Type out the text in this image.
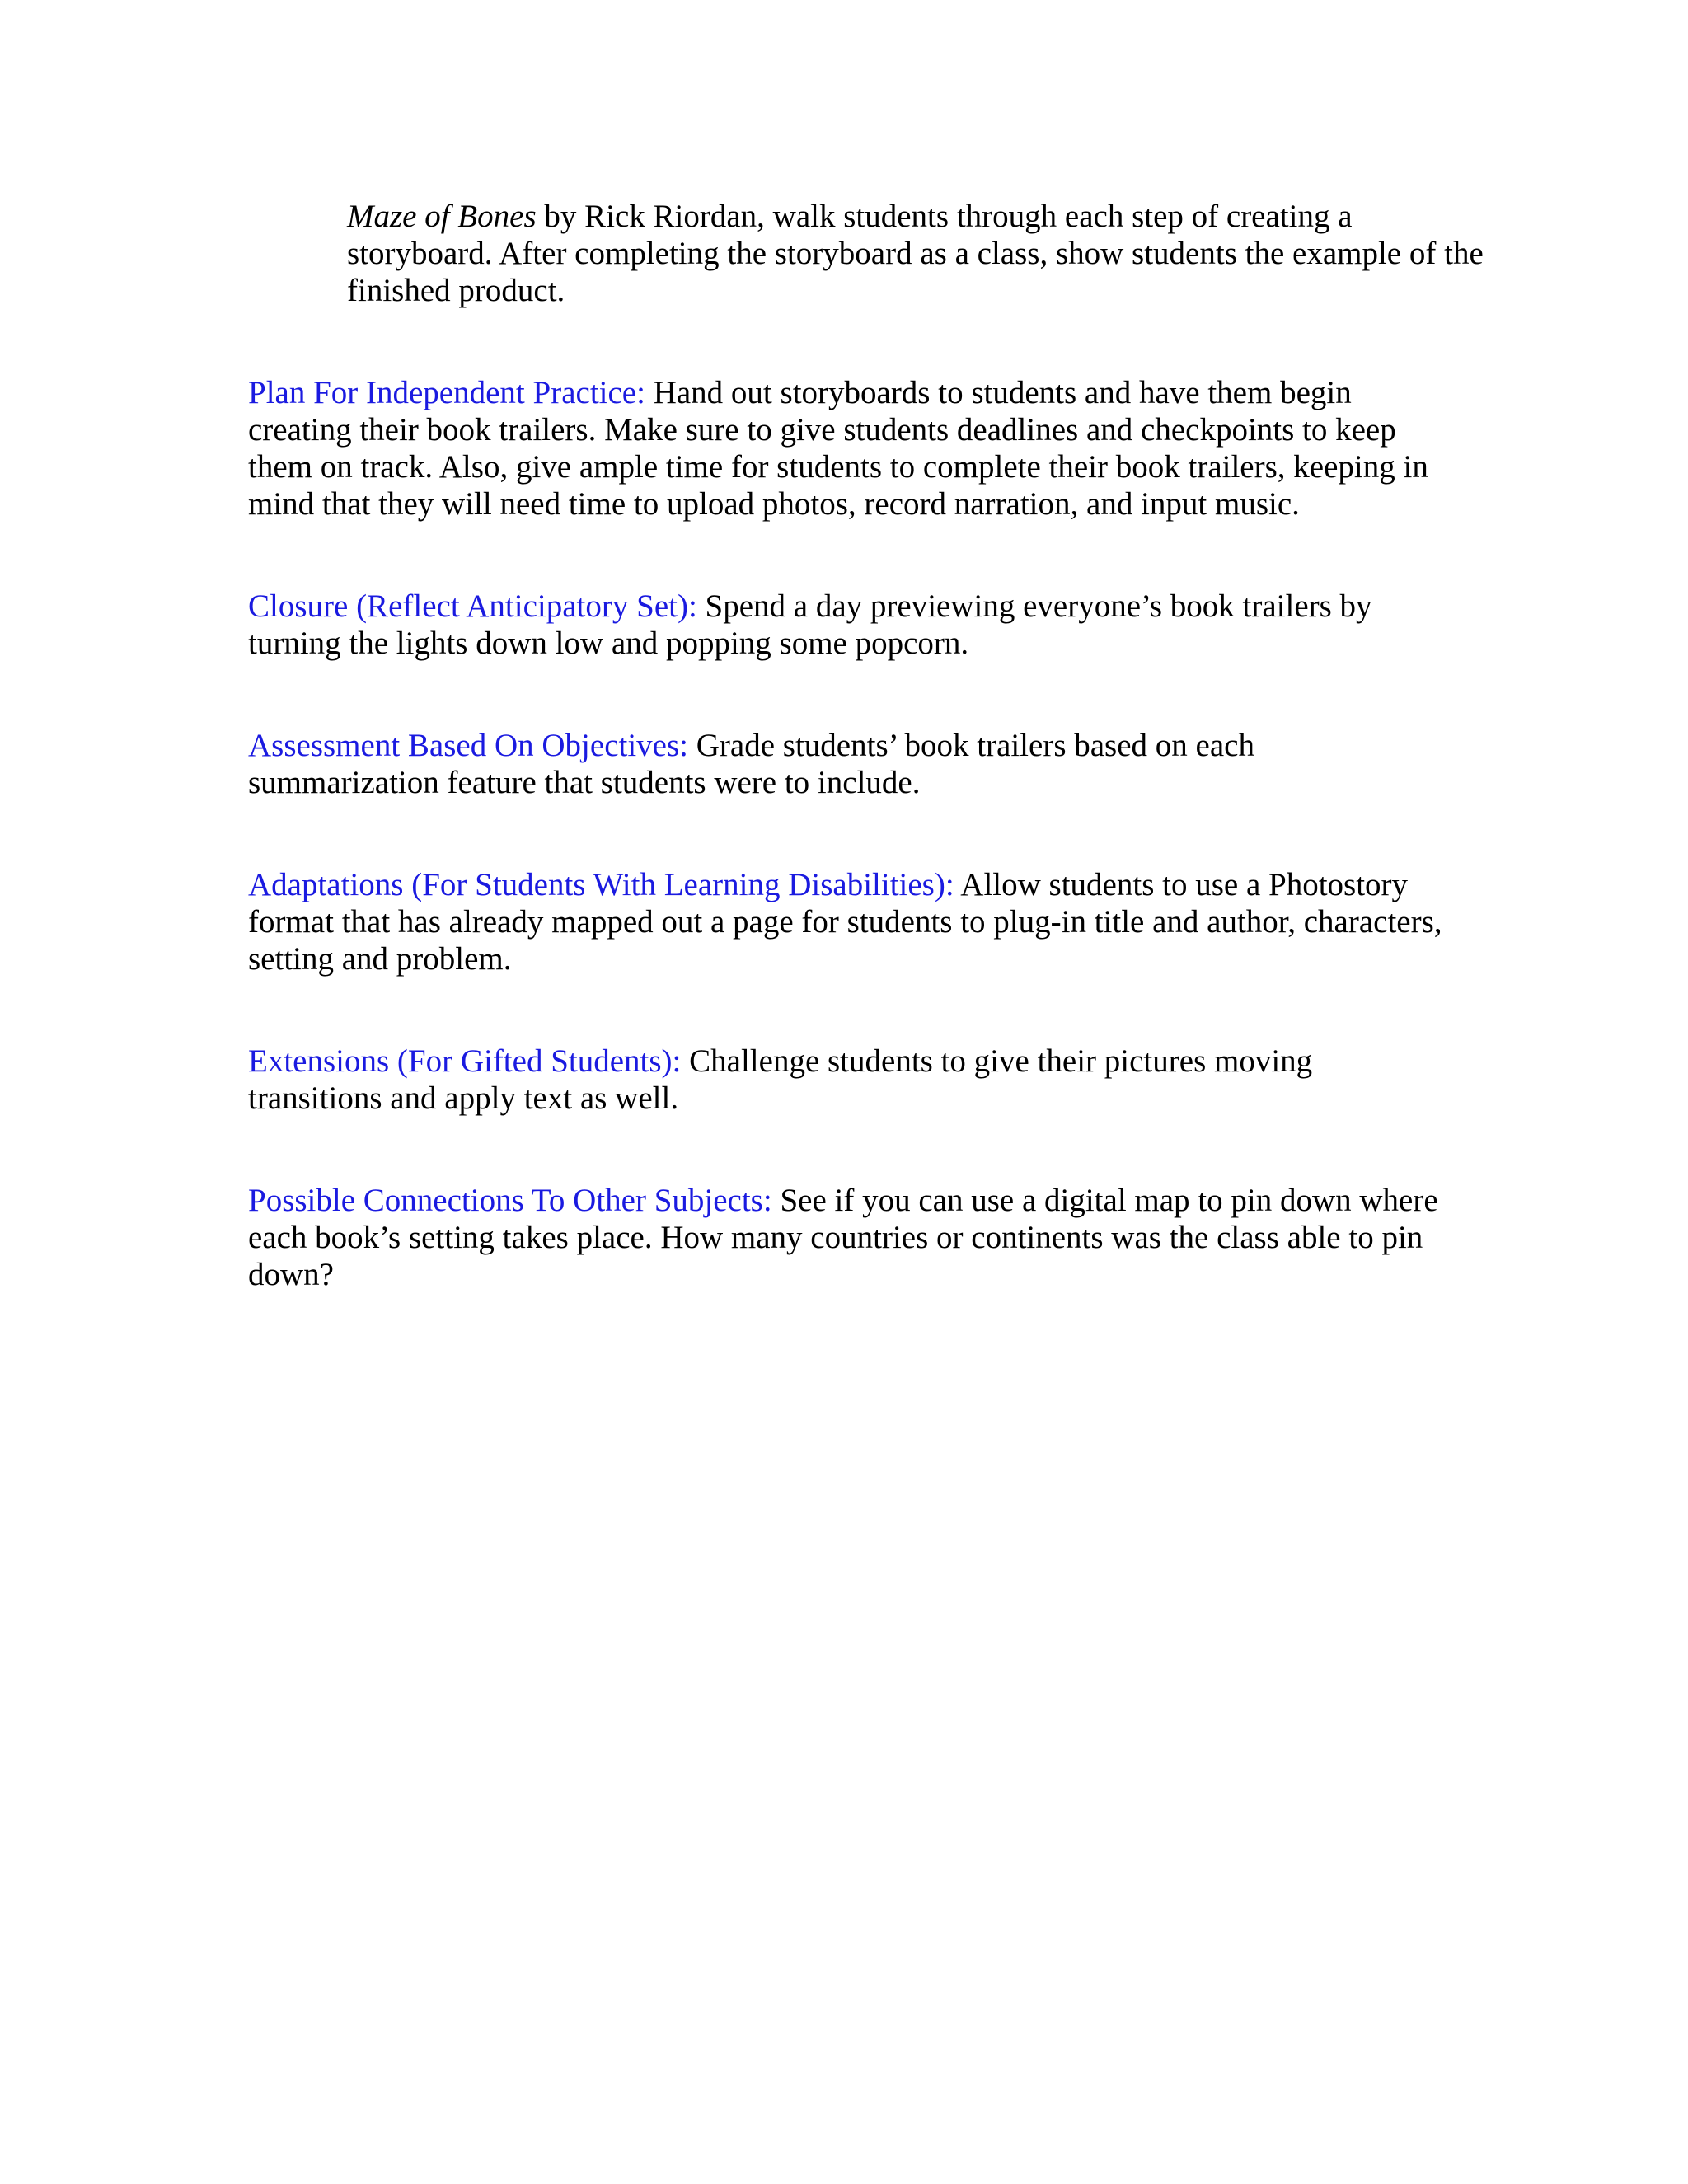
Maze of Bones by Rick Riordan, walk students through each step of creating a storyboard. After completing the storyboard as a class, show students the example of the finished product.

Plan For Independent Practice: Hand out storyboards to students and have them begin creating their book trailers. Make sure to give students deadlines and checkpoints to keep them on track. Also, give ample time for students to complete their book trailers, keeping in mind that they will need time to upload photos, record narration, and input music.

Closure (Reflect Anticipatory Set): Spend a day previewing everyone’s book trailers by turning the lights down low and popping some popcorn.

Assessment Based On Objectives: Grade students’ book trailers based on each summarization feature that students were to include.

Adaptations (For Students With Learning Disabilities): Allow students to use a Photostory format that has already mapped out a page for students to plug-in title and author, characters, setting and problem.

Extensions (For Gifted Students): Challenge students to give their pictures moving transitions and apply text as well.

Possible Connections To Other Subjects: See if you can use a digital map to pin down where each book’s setting takes place. How many countries or continents was the class able to pin down?
